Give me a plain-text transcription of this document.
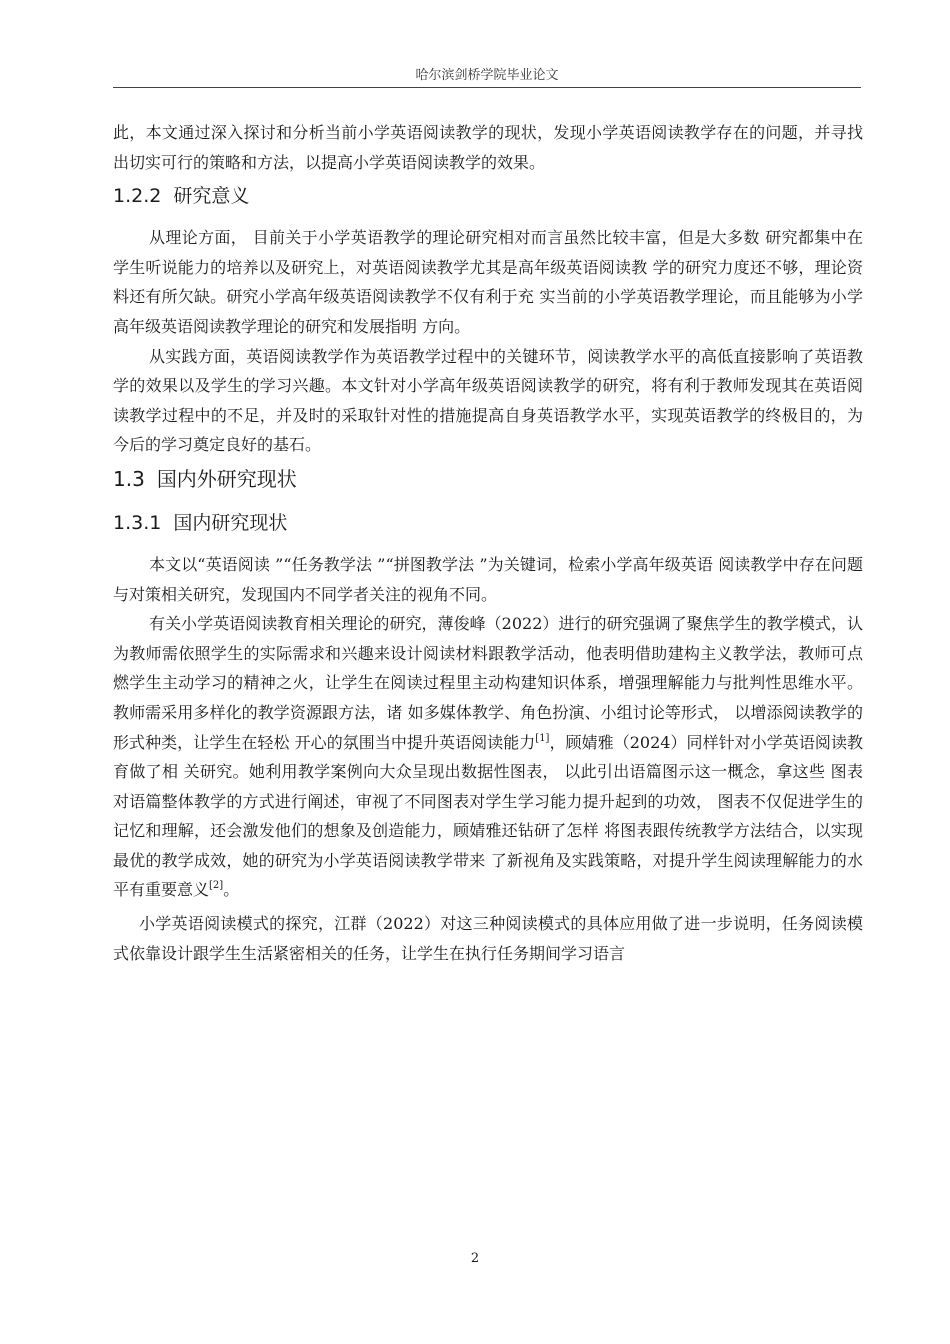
哈尔滨剑桥学院毕业论文

此，本文通过深入探讨和分析当前小学英语阅读教学的现状，发现小学英语阅读教学存在的问题，并寻找出切实可行的策略和方法，以提高小学英语阅读教学的效果。

1.2.2 研究意义

从理论方面， 目前关于小学英语教学的理论研究相对而言虽然比较丰富，但是大多数 研究都集中在学生听说能力的培养以及研究上，对英语阅读教学尤其是高年级英语阅读教 学的研究力度还不够，理论资料还有所欠缺。研究小学高年级英语阅读教学不仅有利于充 实当前的小学英语教学理论，而且能够为小学高年级英语阅读教学理论的研究和发展指明 方向。

从实践方面，英语阅读教学作为英语教学过程中的关键环节，阅读教学水平的高低直接影响了英语教学的效果以及学生的学习兴趣。本文针对小学高年级英语阅读教学的研究，将有利于教师发现其在英语阅读教学过程中的不足，并及时的采取针对性的措施提高自身英语教学水平，实现英语教学的终极目的，为今后的学习奠定良好的基石。

1.3 国内外研究现状
1.3.1 国内研究现状

本文以“英语阅读 ”“任务教学法 ”“拼图教学法 ”为关键词，检索小学高年级英语 阅读教学中存在问题与对策相关研究，发现国内不同学者关注的视角不同。

有关小学英语阅读教育相关理论的研究，薄俊峰（2022）进行的研究强调了聚焦学生的教学模式，认为教师需依照学生的实际需求和兴趣来设计阅读材料跟教学活动，他表明借助建构主义教学法，教师可点燃学生主动学习的精神之火，让学生在阅读过程里主动构建知识体系，增强理解能力与批判性思维水平。教师需采用多样化的教学资源跟方法，诸 如多媒体教学、角色扮演、小组讨论等形式， 以增添阅读教学的形式种类，让学生在轻松 开心的氛围当中提升英语阅读能力[1]，顾婧雅（2024）同样针对小学英语阅读教育做了相 关研究。她利用教学案例向大众呈现出数据性图表， 以此引出语篇图示这一概念，拿这些 图表对语篇整体教学的方式进行阐述，审视了不同图表对学生学习能力提升起到的功效， 图表不仅促进学生的记忆和理解，还会激发他们的想象及创造能力，顾婧雅还钻研了怎样 将图表跟传统教学方法结合，以实现最优的教学成效，她的研究为小学英语阅读教学带来 了新视角及实践策略，对提升学生阅读理解能力的水平有重要意义[2]。

小学英语阅读模式的探究，江群（2022）对这三种阅读模式的具体应用做了进一步说明，任务阅读模式依靠设计跟学生生活紧密相关的任务，让学生在执行任务期间学习语言

2
